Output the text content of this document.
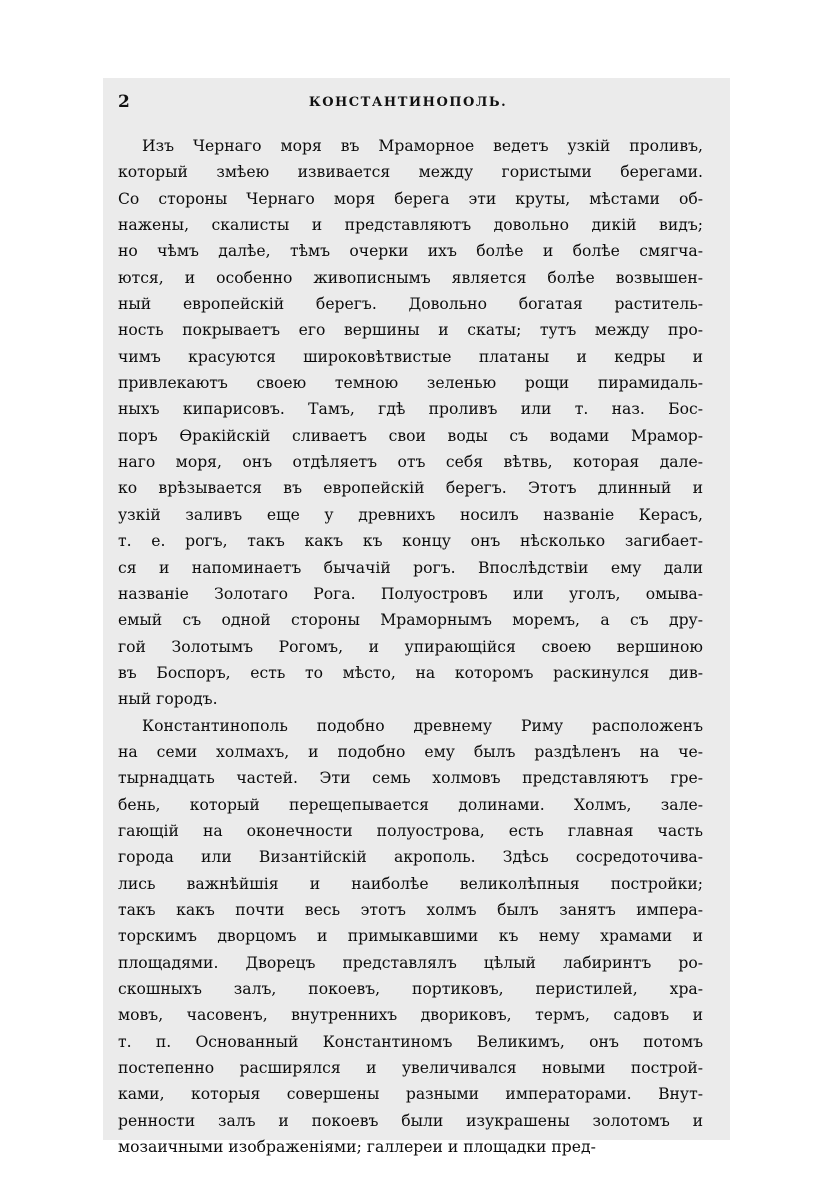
2	КОНСТАНТИНОПОЛЬ.
Изъ Чернаго моря въ Мраморное ведетъ узкій проливъ,
который змѣею извивается между гористыми берегами.
Со стороны Чернаго моря берега эти круты, мѣстами об-
нажены, скалисты и представляютъ довольно дикій видъ;
но чѣмъ далѣе, тѣмъ очерки ихъ болѣе и болѣе смягча-
ются, и особенно живописнымъ является болѣе возвышен-
ный европейскій берегъ. Довольно богатая раститель-
ность покрываетъ его вершины и скаты; тутъ между про-
чимъ красуются широковѣтвистые платаны и кедры и
привлекаютъ своею темною зеленью рощи пирамидаль-
ныхъ кипарисовъ. Тамъ, гдѣ проливъ или т. наз. Бос-
поръ Ѳракійскій сливаетъ свои воды съ водами Мрамор-
наго моря, онъ отдѣляетъ отъ себя вѣтвь, которая дале-
ко врѣзывается въ европейскій берегъ. Этотъ длинный и
узкій заливъ еще у древнихъ носилъ названіе Керасъ,
т. е. рогъ, такъ какъ къ концу онъ нѣсколько загибает-
ся и напоминаетъ бычачій рогъ. Впослѣдствіи ему дали
названіе Золотаго Рога. Полуостровъ или уголъ, омыва-
емый съ одной стороны Мраморнымъ моремъ, а съ дру-
гой Золотымъ Рогомъ, и упирающійся своею вершиною
въ Боспоръ, есть то мѣсто, на которомъ раскинулся див-
ный городъ.
Константинополь подобно древнему Риму расположенъ
на семи холмахъ, и подобно ему былъ раздѣленъ на че-
тырнадцать частей. Эти семь холмовъ представляютъ гре-
бень, который перещепывается долинами. Холмъ, зале-
гающій на оконечности полуострова, есть главная часть
города или Византійскій акрополь. Здѣсь сосредоточива-
лись важнѣйшія и наиболѣе великолѣпныя постройки;
такъ какъ почти весь этотъ холмъ былъ занятъ импера-
торскимъ дворцомъ и примыкавшими къ нему храмами и
площадями. Дворецъ представлялъ цѣлый лабиринтъ ро-
скошныхъ залъ, покоевъ, портиковъ, перистилей, хра-
мовъ, часовенъ, внутреннихъ двориковъ, термъ, садовъ и
т. п. Основанный Константиномъ Великимъ, онъ потомъ
постепенно расширялся и увеличивался новыми построй-
ками, которыя совершены разными императорами. Внут-
ренности залъ и покоевъ были изукрашены золотомъ и
мозаичными изображеніями; галлереи и площадки пред-
